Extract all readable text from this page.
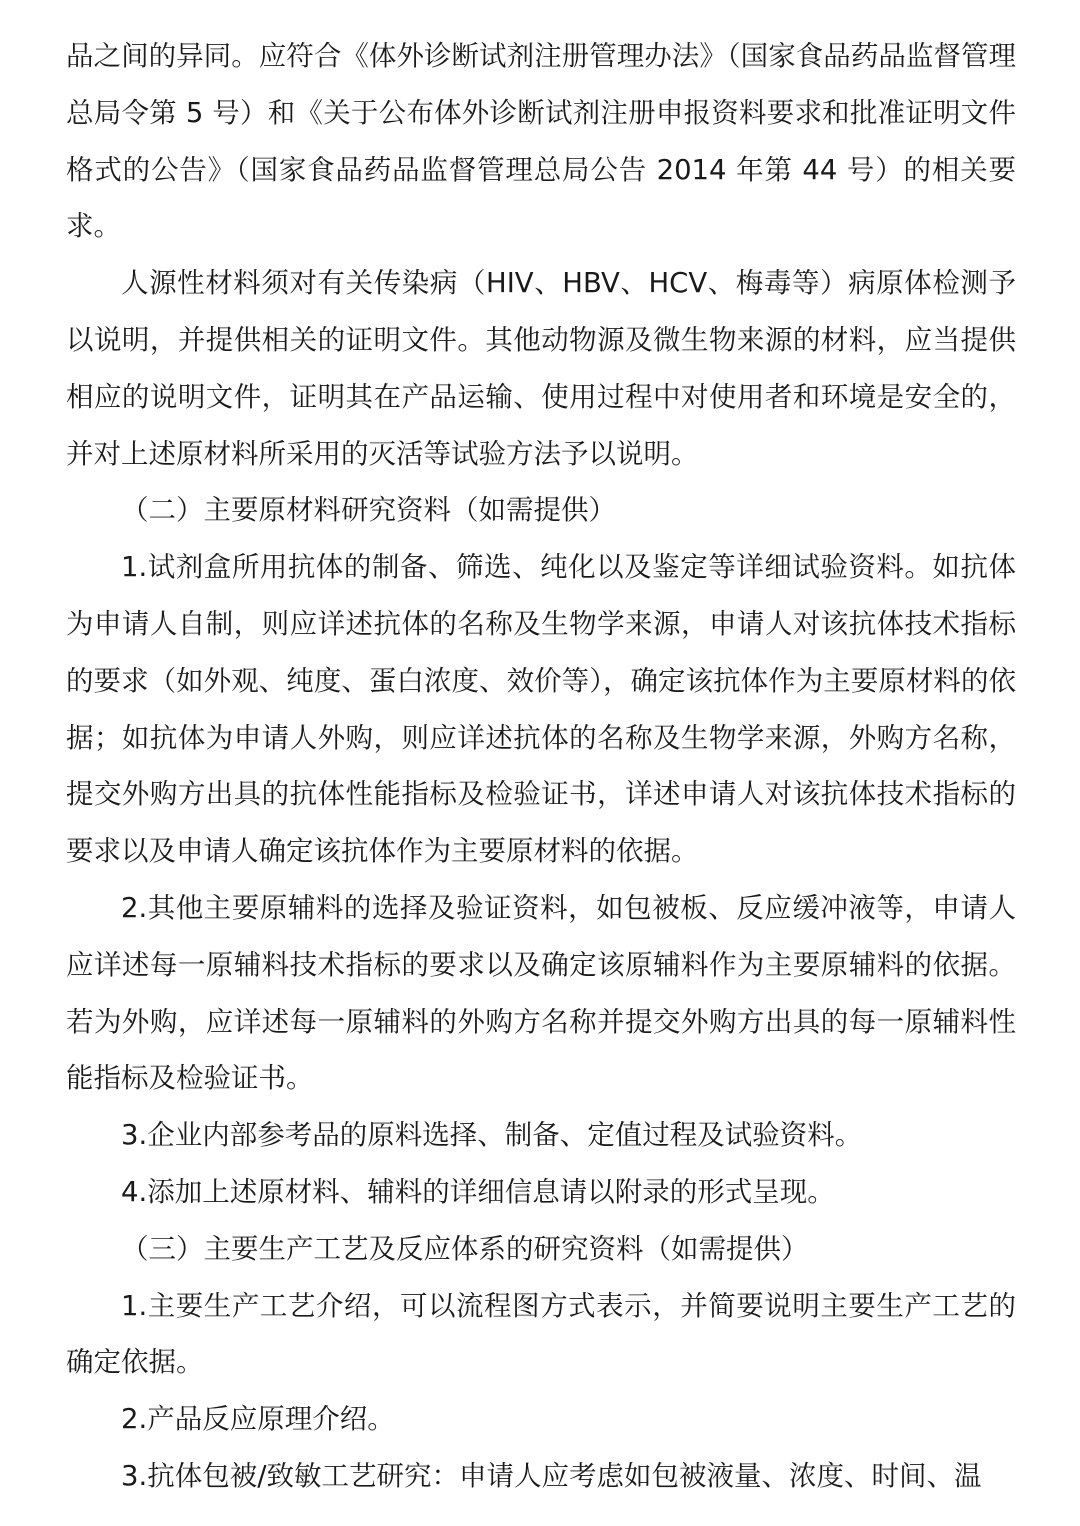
品之间的异同。应符合《体外诊断试剂注册管理办法》（国家食品药品监督管理总局令第 5 号）和《关于公布体外诊断试剂注册申报资料要求和批准证明文件格式的公告》（国家食品药品监督管理总局公告 2014 年第 44 号）的相关要求。

人源性材料须对有关传染病（HIV、HBV、HCV、梅毒等）病原体检测予以说明，并提供相关的证明文件。其他动物源及微生物来源的材料，应当提供相应的说明文件，证明其在产品运输、使用过程中对使用者和环境是安全的，并对上述原材料所采用的灭活等试验方法予以说明。

（二）主要原材料研究资料（如需提供）

1.试剂盒所用抗体的制备、筛选、纯化以及鉴定等详细试验资料。如抗体为申请人自制，则应详述抗体的名称及生物学来源，申请人对该抗体技术指标的要求（如外观、纯度、蛋白浓度、效价等），确定该抗体作为主要原材料的依据；如抗体为申请人外购，则应详述抗体的名称及生物学来源，外购方名称，提交外购方出具的抗体性能指标及检验证书，详述申请人对该抗体技术指标的要求以及申请人确定该抗体作为主要原材料的依据。

2.其他主要原辅料的选择及验证资料，如包被板、反应缓冲液等，申请人应详述每一原辅料技术指标的要求以及确定该原辅料作为主要原辅料的依据。若为外购，应详述每一原辅料的外购方名称并提交外购方出具的每一原辅料性能指标及检验证书。

3.企业内部参考品的原料选择、制备、定值过程及试验资料。

4.添加上述原材料、辅料的详细信息请以附录的形式呈现。

（三）主要生产工艺及反应体系的研究资料（如需提供）

1.主要生产工艺介绍，可以流程图方式表示，并简要说明主要生产工艺的确定依据。

2.产品反应原理介绍。

3.抗体包被/致敏工艺研究：申请人应考虑如包被液量、浓度、时间、温
